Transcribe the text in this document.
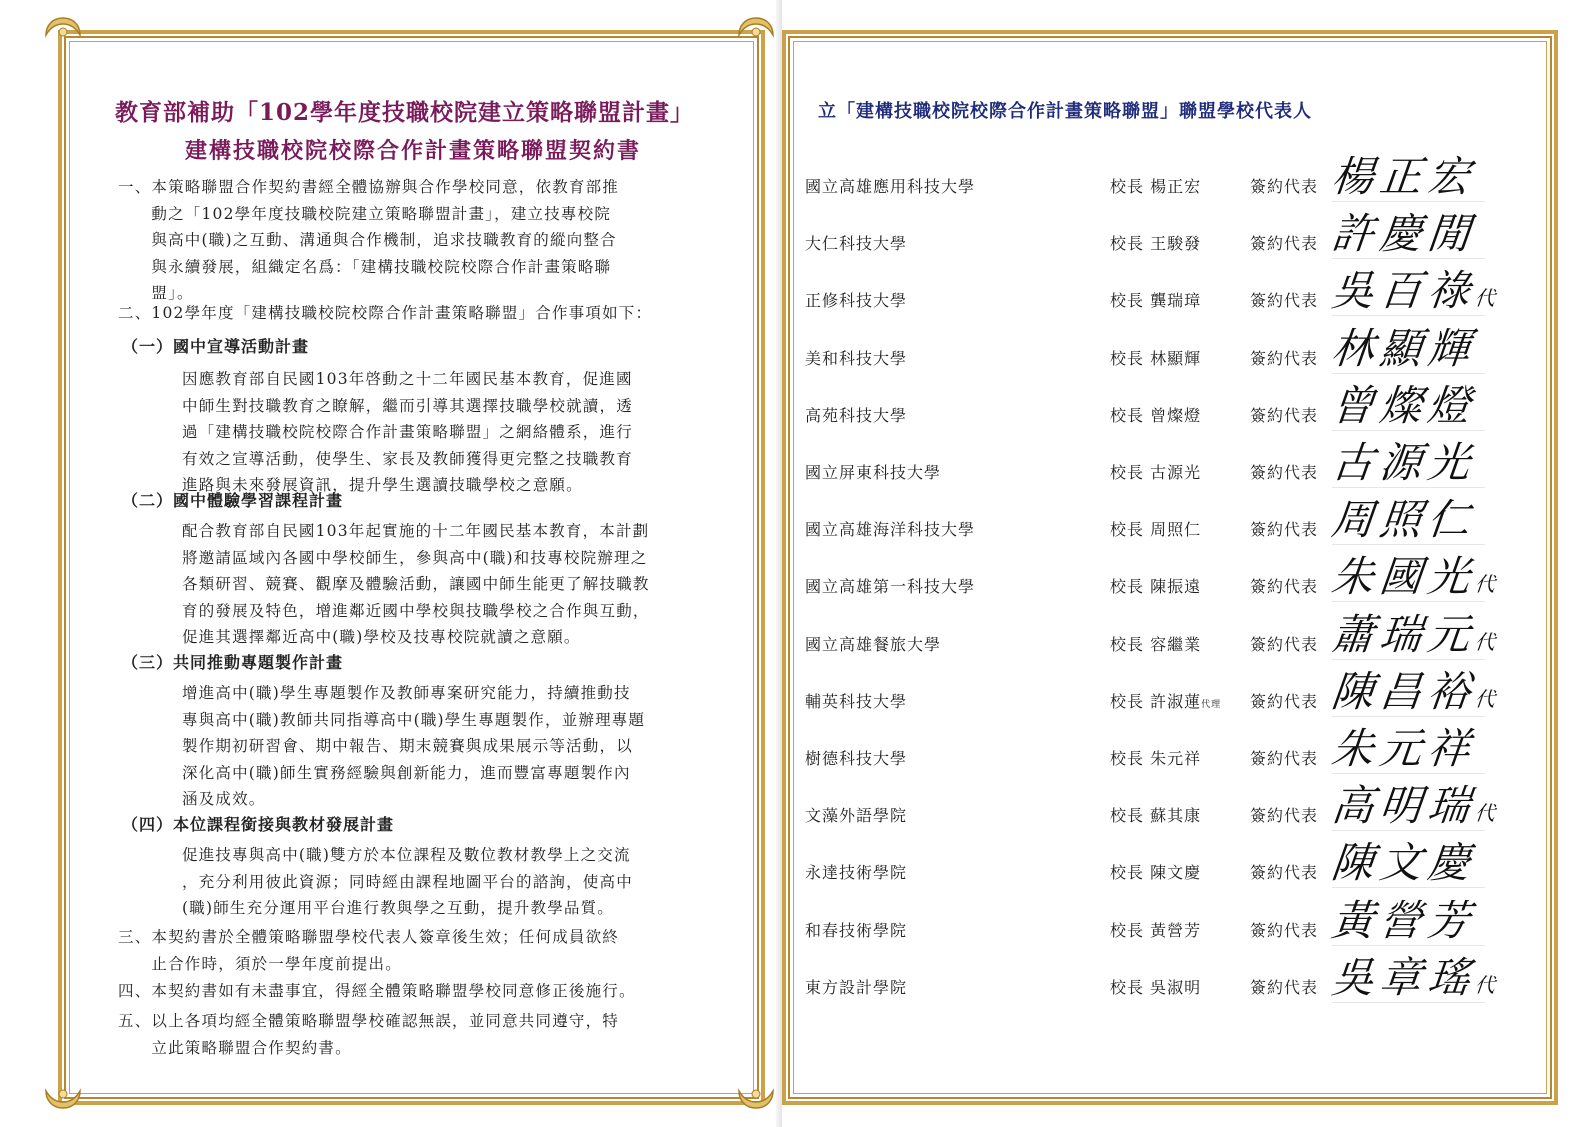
教育部補助「102學年度技職校院建立策略聯盟計畫」
建構技職校院校際合作計畫策略聯盟契約書
一、本策略聯盟合作契約書經全體協辦與合作學校同意，依教育部推
　　動之「102學年度技職校院建立策略聯盟計畫」，建立技專校院
　　與高中(職)之互動、溝通與合作機制，追求技職教育的縱向整合
　　與永續發展，組織定名爲：「建構技職校院校際合作計畫策略聯
　　盟」。
二、102學年度「建構技職校院校際合作計畫策略聯盟」合作事項如下：
（一）國中宣導活動計畫
因應教育部自民國103年啓動之十二年國民基本教育，促進國
中師生對技職教育之瞭解，繼而引導其選擇技職學校就讀，透
過「建構技職校院校際合作計畫策略聯盟」之網絡體系，進行
有效之宣導活動，使學生、家長及教師獲得更完整之技職教育
進路與未來發展資訊，提升學生選讀技職學校之意願。
（二）國中體驗學習課程計畫
配合教育部自民國103年起實施的十二年國民基本教育，本計劃
將邀請區域內各國中學校師生，參與高中(職)和技專校院辦理之
各類研習、競賽、觀摩及體驗活動，讓國中師生能更了解技職教
育的發展及特色，增進鄰近國中學校與技職學校之合作與互動，
促進其選擇鄰近高中(職)學校及技專校院就讀之意願。
（三）共同推動專題製作計畫
增進高中(職)學生專題製作及教師專案研究能力，持續推動技
專與高中(職)教師共同指導高中(職)學生專題製作，並辦理專題
製作期初研習會、期中報告、期末競賽與成果展示等活動，以
深化高中(職)師生實務經驗與創新能力，進而豐富專題製作內
涵及成效。
（四）本位課程銜接與教材發展計畫
促進技專與高中(職)雙方於本位課程及數位教材教學上之交流
，充分利用彼此資源；同時經由課程地圖平台的諮詢，使高中
(職)師生充分運用平台進行教與學之互動，提升教學品質。
三、本契約書於全體策略聯盟學校代表人簽章後生效；任何成員欲終
　　止合作時，須於一學年度前提出。
四、本契約書如有未盡事宜，得經全體策略聯盟學校同意修正後施行。
五、以上各項均經全體策略聯盟學校確認無誤，並同意共同遵守，特
　　立此策略聯盟合作契約書。
立「建構技職校院校際合作計畫策略聯盟」聯盟學校代表人
國立高雄應用科技大學	校長 楊正宏	簽約代表 楊正宏
大仁科技大學	校長 王駿發	簽約代表 許慶閒
正修科技大學	校長 龔瑞璋	簽約代表 吳百祿代
美和科技大學	校長 林顯輝	簽約代表 林顯輝
高苑科技大學	校長 曾燦燈	簽約代表 曾燦燈
國立屏東科技大學	校長 古源光	簽約代表 古源光
國立高雄海洋科技大學	校長 周照仁	簽約代表 周照仁
國立高雄第一科技大學	校長 陳振遠	簽約代表 朱國光代
國立高雄餐旅大學	校長 容繼業	簽約代表 蕭瑞元代
輔英科技大學	校長 許淑蓮代理 簽約代表 陳昌裕代
樹德科技大學	校長 朱元祥	簽約代表 朱元祥
文藻外語學院	校長 蘇其康	簽約代表 高明瑞代
永達技術學院	校長 陳文慶	簽約代表 陳文慶
和春技術學院	校長 黃營芳	簽約代表 黃營芳
東方設計學院	校長 吳淑明	簽約代表 吳章瑤代
